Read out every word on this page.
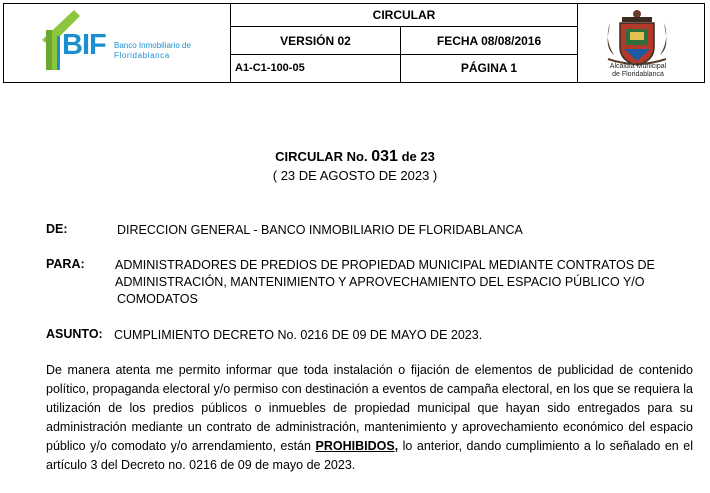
CIRCULAR
VERSIÓN 02	FECHA 08/08/2016
A1-C1-100-05	PÁGINA 1
BIF Banco Inmobiliario de
Floridablanca
Alcaldía Municipal
de Floridablanca
CIRCULAR No. 031 de 23
( 23 DE AGOSTO DE 2023 )
DE:	DIRECCION GENERAL - BANCO INMOBILIARIO DE FLORIDABLANCA
PARA: ADMINISTRADORES DE PREDIOS DE PROPIEDAD MUNICIPAL MEDIANTE CONTRATOS DE
ADMINISTRACIÓN, MANTENIMIENTO Y APROVECHAMIENTO DEL ESPACIO PÚBLICO Y/O
COMODATOS
ASUNTO: CUMPLIMIENTO DECRETO No. 0216 DE 09 DE MAYO DE 2023.
De manera atenta me permito informar que toda instalación o fijación de elementos de publicidad de contenido político, propaganda electoral y/o permiso con destinación a eventos de campaña electoral, en los que se requiera la utilización de los predios públicos o inmuebles de propiedad municipal que hayan sido entregados para su administración mediante un contrato de administración, mantenimiento y aprovechamiento económico del espacio público y/o comodato y/o arrendamiento, están PROHIBIDOS, lo anterior, dando cumplimiento a lo señalado en el artículo 3 del Decreto no. 0216 de 09 de mayo de 2023.
